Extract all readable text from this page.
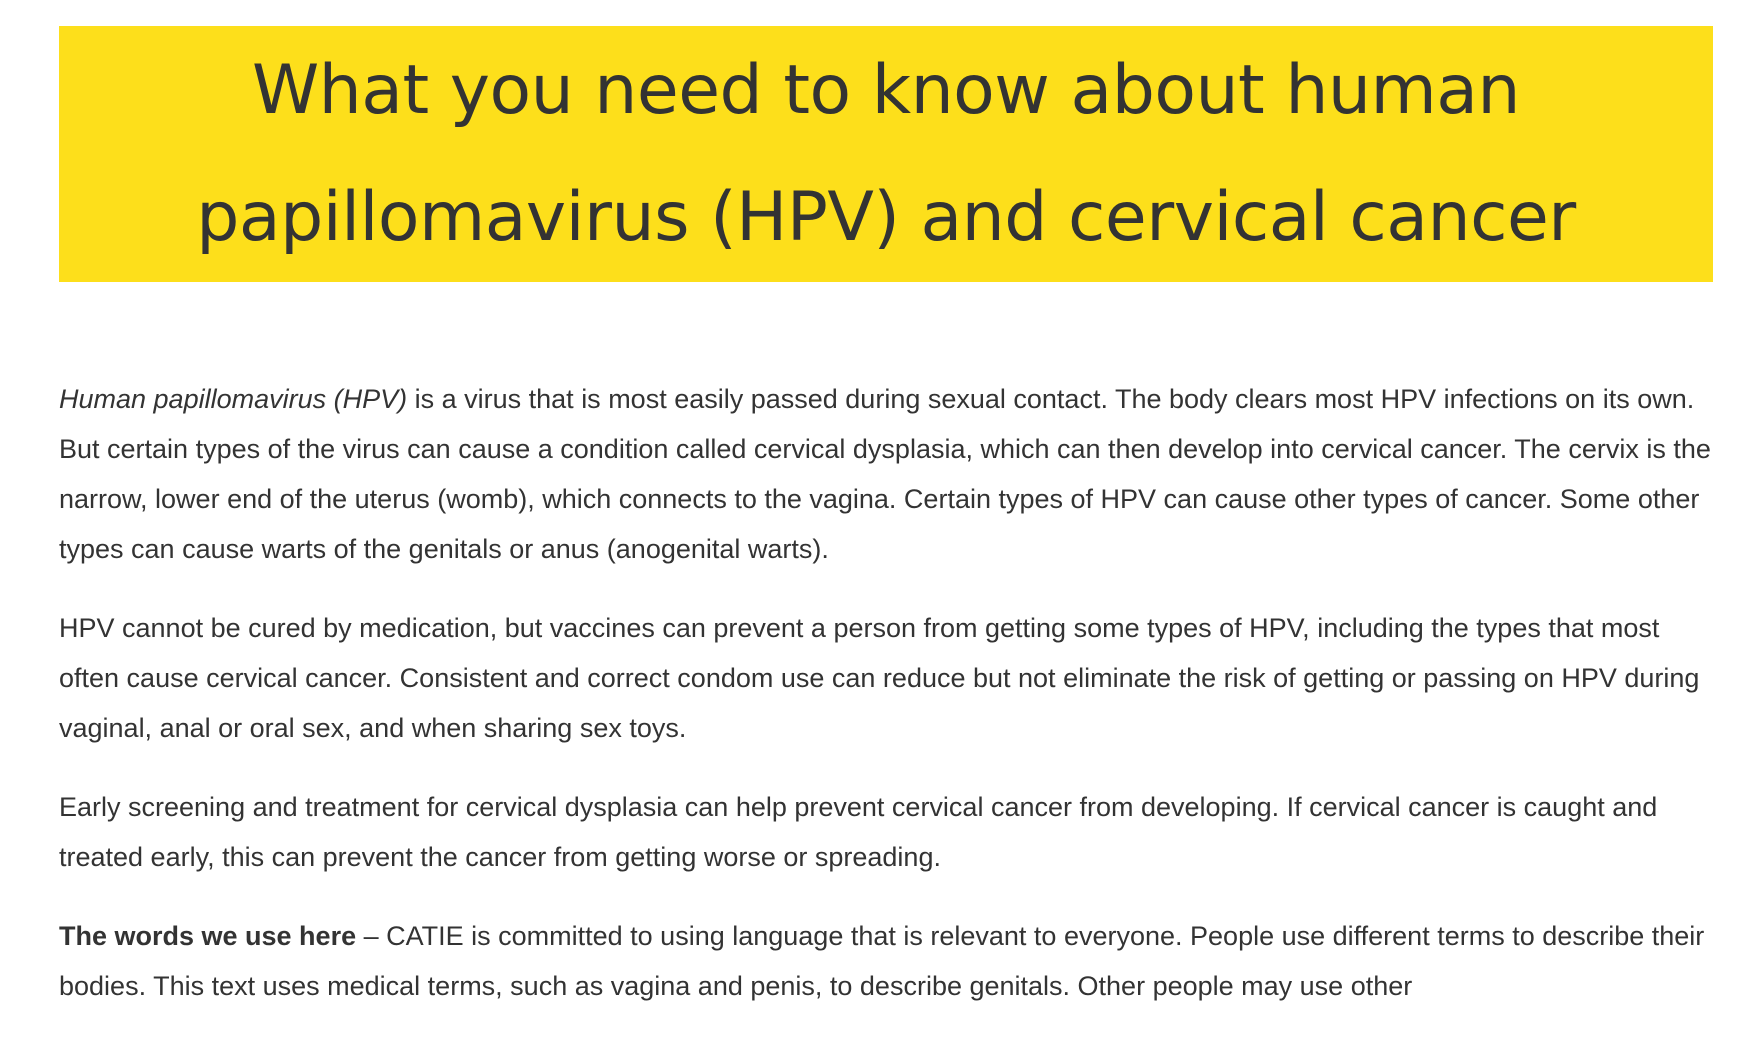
What you need to know about human papillomavirus (HPV) and cervical cancer

Human papillomavirus (HPV) is a virus that is most easily passed during sexual contact. The body clears most HPV infections on its own. But certain types of the virus can cause a condition called cervical dysplasia, which can then develop into cervical cancer. The cervix is the narrow, lower end of the uterus (womb), which connects to the vagina. Certain types of HPV can cause other types of cancer. Some other types can cause warts of the genitals or anus (anogenital warts).

HPV cannot be cured by medication, but vaccines can prevent a person from getting some types of HPV, including the types that most often cause cervical cancer. Consistent and correct condom use can reduce but not eliminate the risk of getting or passing on HPV during vaginal, anal or oral sex, and when sharing sex toys.

Early screening and treatment for cervical dysplasia can help prevent cervical cancer from developing. If cervical cancer is caught and treated early, this can prevent the cancer from getting worse or spreading.

The words we use here – CATIE is committed to using language that is relevant to everyone. People use different terms to describe their bodies. This text uses medical terms, such as vagina and penis, to describe genitals. Other people may use other
